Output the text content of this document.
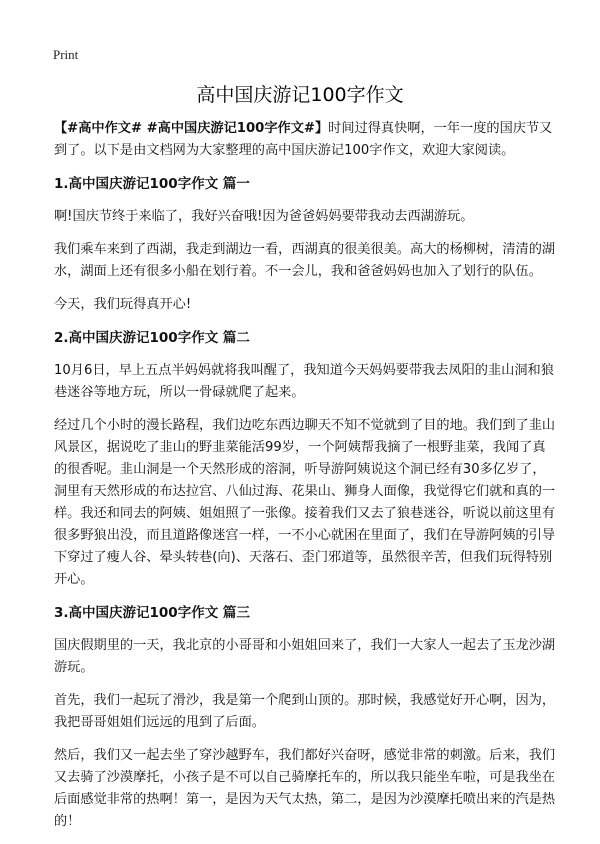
Print
高中国庆游记100字作文

【#高中作文# #高中国庆游记100字作文#】时间过得真快啊，一年一度的国庆节又到了。以下是由文档网为大家整理的高中国庆游记100字作文，欢迎大家阅读。

1.高中国庆游记100字作文 篇一

啊!国庆节终于来临了，我好兴奋哦!因为爸爸妈妈要带我动去西湖游玩。

我们乘车来到了西湖，我走到湖边一看，西湖真的很美很美。高大的杨柳树，清清的湖水，湖面上还有很多小船在划行着。不一会儿，我和爸爸妈妈也加入了划行的队伍。

今天，我们玩得真开心!

2.高中国庆游记100字作文 篇二

10月6日，早上五点半妈妈就将我叫醒了，我知道今天妈妈要带我去凤阳的韭山洞和狼巷迷谷等地方玩，所以一骨碌就爬了起来。

经过几个小时的漫长路程，我们边吃东西边聊天不知不觉就到了目的地。我们到了韭山风景区，据说吃了韭山的野韭菜能活99岁，一个阿姨帮我摘了一根野韭菜，我闻了真的很香呢。韭山洞是一个天然形成的溶洞，听导游阿姨说这个洞已经有30多亿岁了，洞里有天然形成的布达拉宫、八仙过海、花果山、狮身人面像，我觉得它们就和真的一样。我还和同去的阿姨、姐姐照了一张像。接着我们又去了狼巷迷谷，听说以前这里有很多野狼出没，而且道路像迷宫一样，一不小心就困在里面了，我们在导游阿姨的引导下穿过了瘦人谷、晕头转巷(向)、天落石、歪门邪道等，虽然很辛苦，但我们玩得特别开心。

3.高中国庆游记100字作文 篇三

国庆假期里的一天，我北京的小哥哥和小姐姐回来了，我们一大家人一起去了玉龙沙湖游玩。

首先，我们一起玩了滑沙，我是第一个爬到山顶的。那时候，我感觉好开心啊，因为，我把哥哥姐姐们远远的甩到了后面。

然后，我们又一起去坐了穿沙越野车，我们都好兴奋呀，感觉非常的刺激。后来，我们又去骑了沙漠摩托，小孩子是不可以自己骑摩托车的，所以我只能坐车啦，可是我坐在后面感觉非常的热啊！第一，是因为天气太热，第二，是因为沙漠摩托喷出来的汽是热的！
